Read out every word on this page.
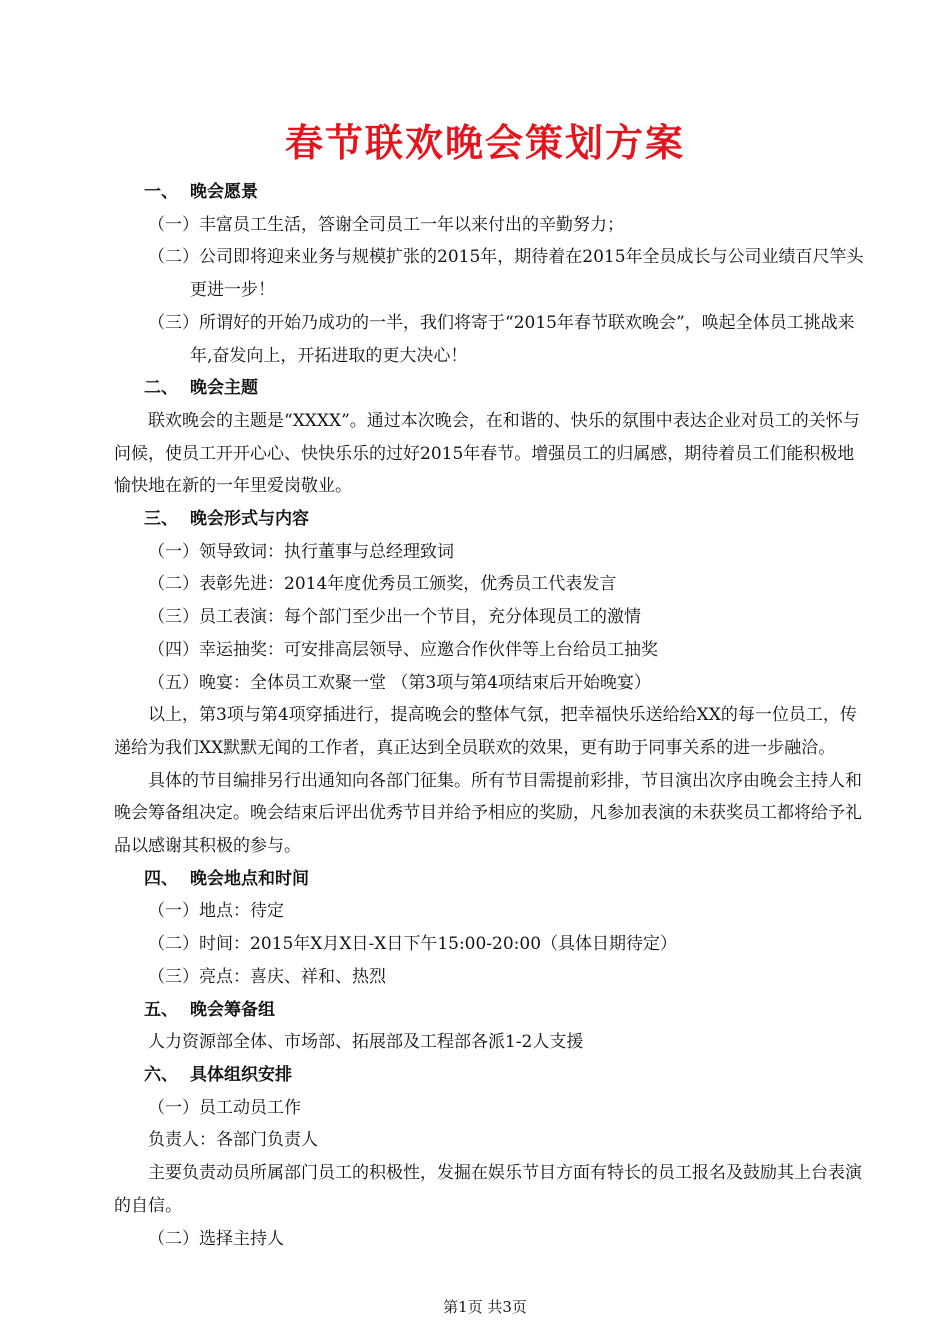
春节联欢晚会策划方案
一、 晚会愿景
（一）丰富员工生活，答谢全司员工一年以来付出的辛勤努力；
（二）公司即将迎来业务与规模扩张的2015年，期待着在2015年全员成长与公司业绩百尺竿头更进一步！
（三）所谓好的开始乃成功的一半，我们将寄于“2015年春节联欢晚会”，唤起全体员工挑战来年,奋发向上，开拓进取的更大决心！
二、 晚会主题
联欢晚会的主题是“XXXX”。通过本次晚会，在和谐的、快乐的氛围中表达企业对员工的关怀与问候，使员工开开心心、快快乐乐的过好2015年春节。增强员工的归属感，期待着员工们能积极地愉快地在新的一年里爱岗敬业。
三、 晚会形式与内容
（一）领导致词：执行董事与总经理致词
（二）表彰先进：2014年度优秀员工颁奖，优秀员工代表发言
（三）员工表演：每个部门至少出一个节目，充分体现员工的激情
（四）幸运抽奖：可安排高层领导、应邀合作伙伴等上台给员工抽奖
（五）晚宴：全体员工欢聚一堂 （第3项与第4项结束后开始晚宴）
以上，第3项与第4项穿插进行，提高晚会的整体气氛，把幸福快乐送给给XX的每一位员工，传递给为我们XX默默无闻的工作者，真正达到全员联欢的效果，更有助于同事关系的进一步融洽。
具体的节目编排另行出通知向各部门征集。所有节目需提前彩排，节目演出次序由晚会主持人和晚会筹备组决定。晚会结束后评出优秀节目并给予相应的奖励，凡参加表演的未获奖员工都将给予礼品以感谢其积极的参与。
四、 晚会地点和时间
（一）地点：待定
（二）时间：2015年X月X日-X日下午15:00-20:00（具体日期待定）
（三）亮点：喜庆、祥和、热烈
五、 晚会筹备组
人力资源部全体、市场部、拓展部及工程部各派1-2人支援
六、 具体组织安排
（一）员工动员工作
负责人：各部门负责人
主要负责动员所属部门员工的积极性，发掘在娱乐节目方面有特长的员工报名及鼓励其上台表演的自信。
（二）选择主持人
第1页 共3页
